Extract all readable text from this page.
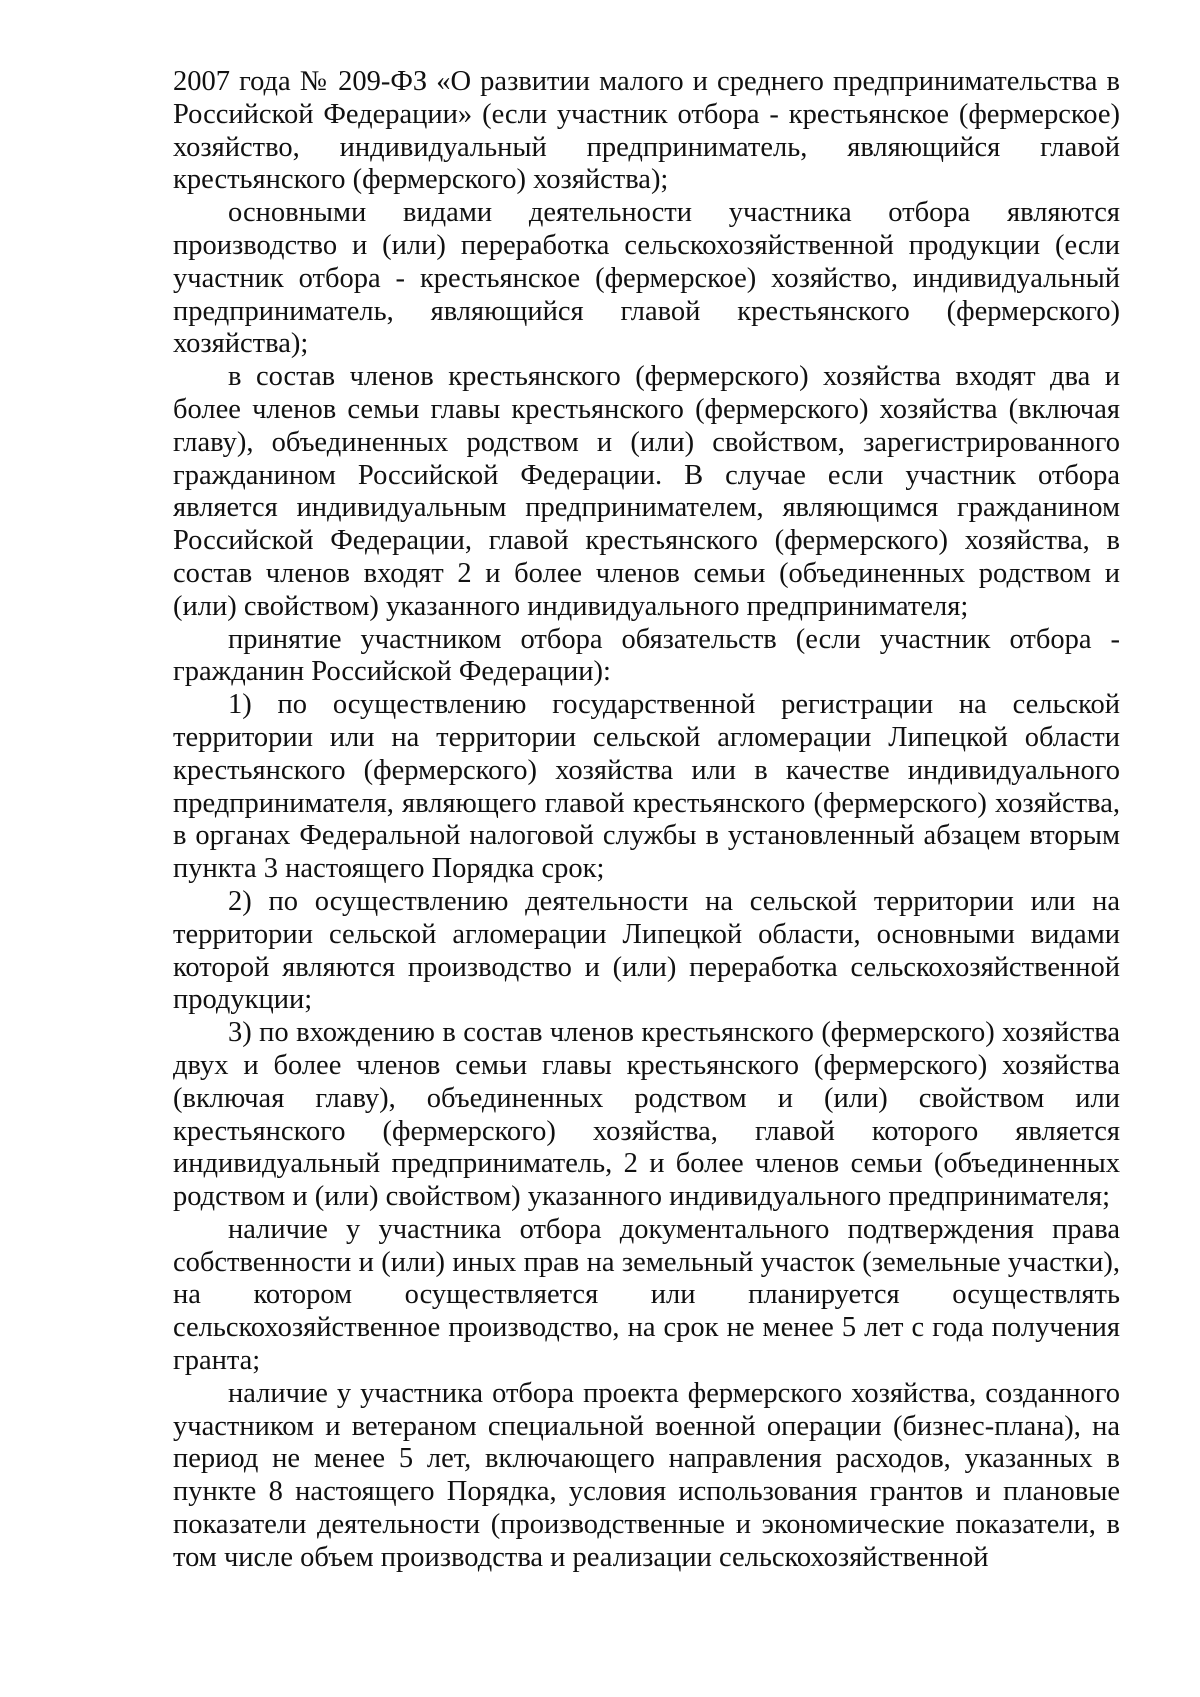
2007 года № 209-ФЗ «О развитии малого и среднего предпринимательства в Российской Федерации» (если участник отбора - крестьянское (фермерское) хозяйство, индивидуальный предприниматель, являющийся главой крестьянского (фермерского) хозяйства);

основными видами деятельности участника отбора являются производство и (или) переработка сельскохозяйственной продукции (если участник отбора - крестьянское (фермерское) хозяйство, индивидуальный предприниматель, являющийся главой крестьянского (фермерского) хозяйства);

в состав членов крестьянского (фермерского) хозяйства входят два и более членов семьи главы крестьянского (фермерского) хозяйства (включая главу), объединенных родством и (или) свойством, зарегистрированного гражданином Российской Федерации. В случае если участник отбора является индивидуальным предпринимателем, являющимся гражданином Российской Федерации, главой крестьянского (фермерского) хозяйства, в состав членов входят 2 и более членов семьи (объединенных родством и (или) свойством) указанного индивидуального предпринимателя;

принятие участником отбора обязательств (если участник отбора - гражданин Российской Федерации):

1) по осуществлению государственной регистрации на сельской территории или на территории сельской агломерации Липецкой области крестьянского (фермерского) хозяйства или в качестве индивидуального предпринимателя, являющего главой крестьянского (фермерского) хозяйства, в органах Федеральной налоговой службы в установленный абзацем вторым пункта 3 настоящего Порядка срок;

2) по осуществлению деятельности на сельской территории или на территории сельской агломерации Липецкой области, основными видами которой являются производство и (или) переработка сельскохозяйственной продукции;

3) по вхождению в состав членов крестьянского (фермерского) хозяйства двух и более членов семьи главы крестьянского (фермерского) хозяйства (включая главу), объединенных родством и (или) свойством или крестьянского (фермерского) хозяйства, главой которого является индивидуальный предприниматель, 2 и более членов семьи (объединенных родством и (или) свойством) указанного индивидуального предпринимателя;

наличие у участника отбора документального подтверждения права собственности и (или) иных прав на земельный участок (земельные участки), на котором осуществляется или планируется осуществлять сельскохозяйственное производство, на срок не менее 5 лет с года получения гранта;

наличие у участника отбора проекта фермерского хозяйства, созданного участником и ветераном специальной военной операции (бизнес-плана), на период не менее 5 лет, включающего направления расходов, указанных в пункте 8 настоящего Порядка, условия использования грантов и плановые показатели деятельности (производственные и экономические показатели, в том числе объем производства и реализации сельскохозяйственной
